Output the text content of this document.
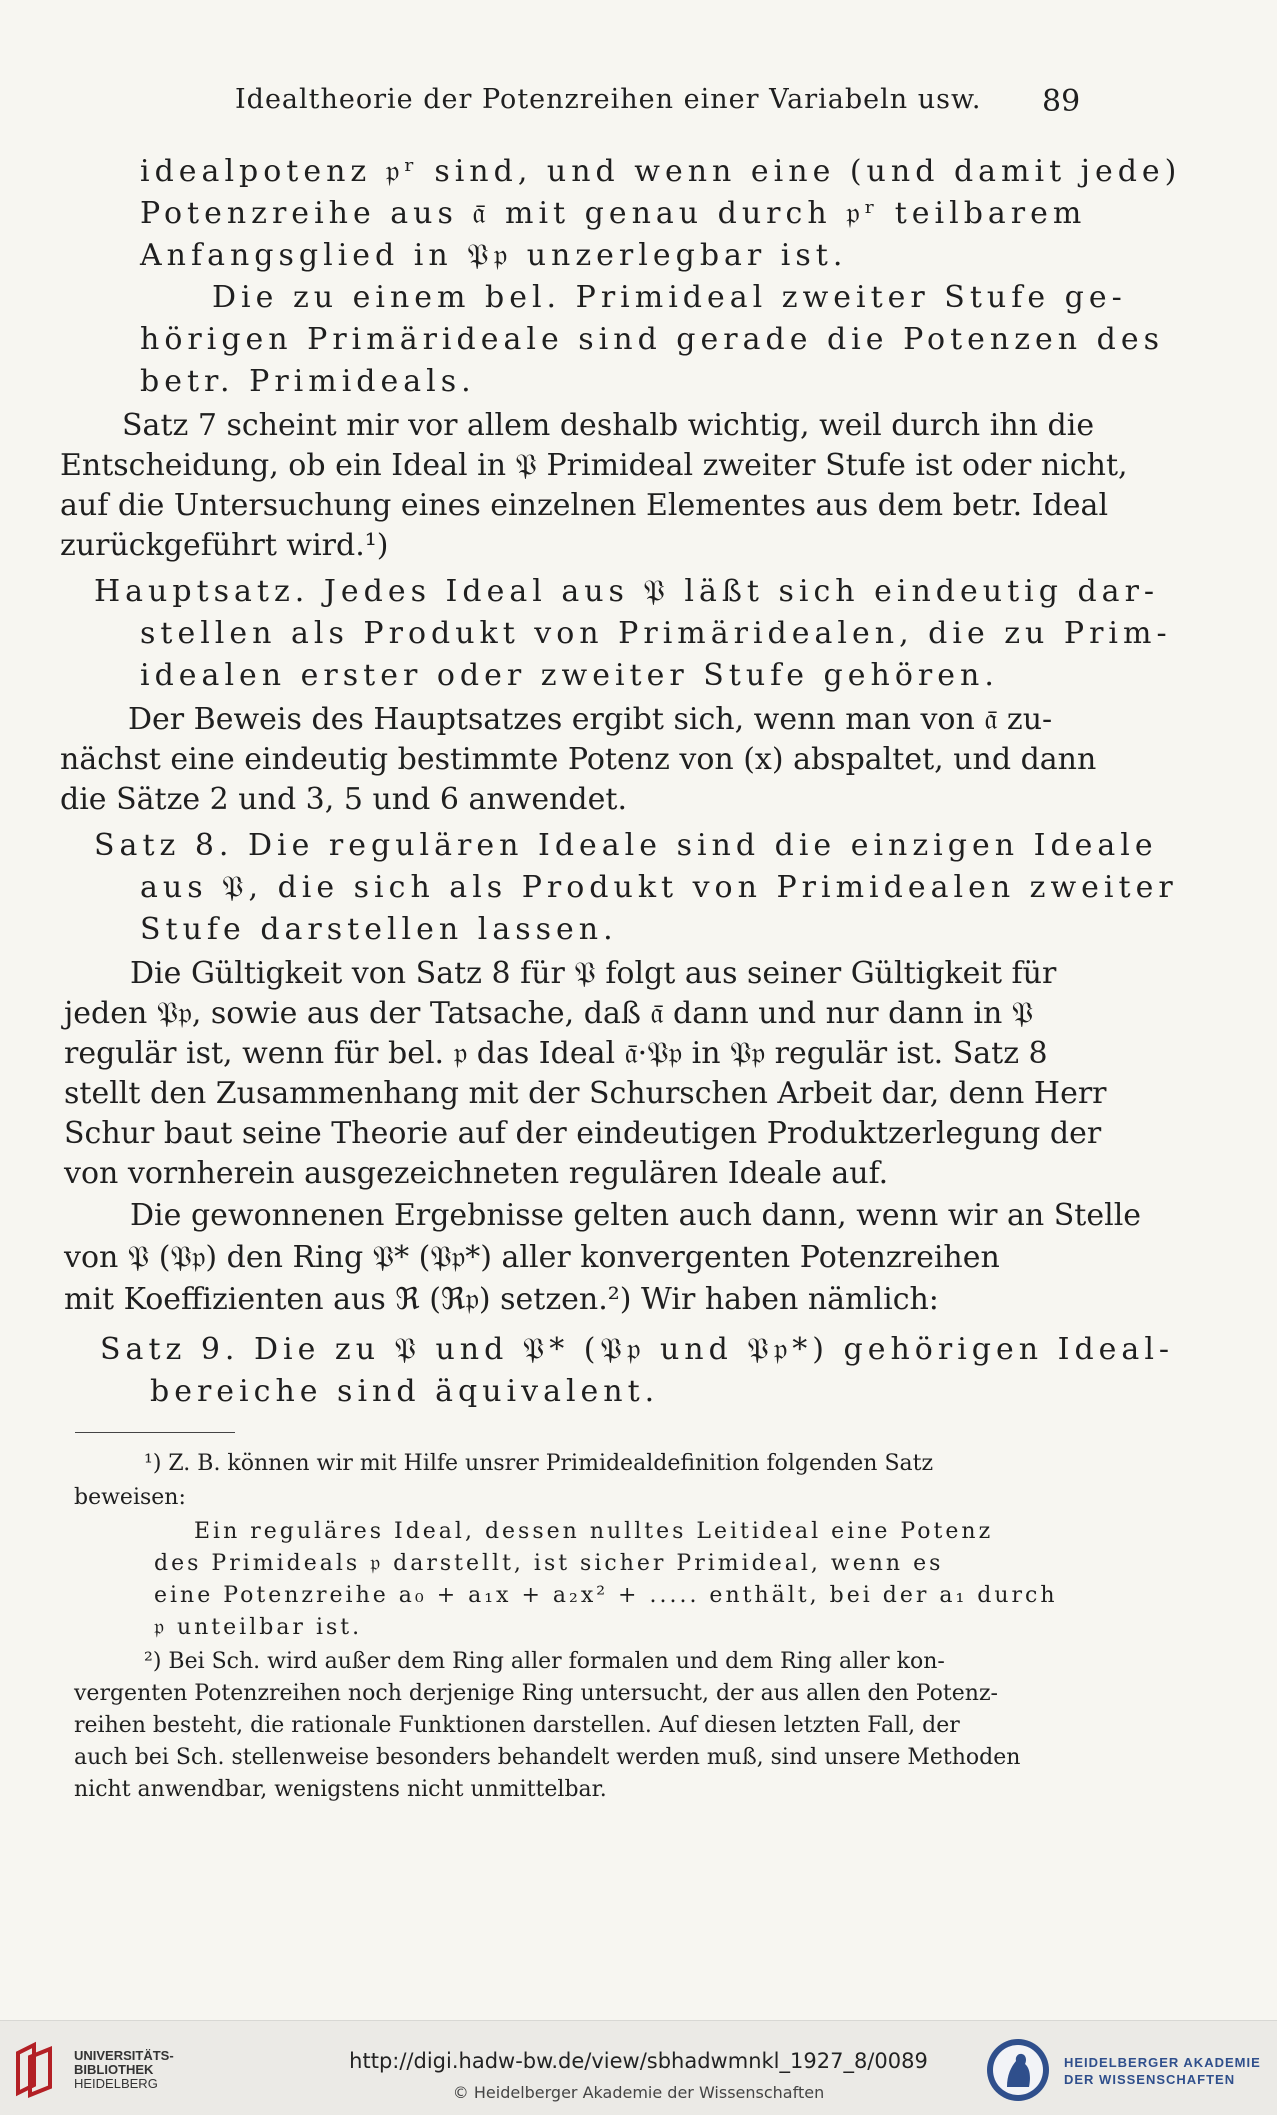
Idealtheorie der Potenzreihen einer Variabeln usw. 89
idealpotenz 𝔭ʳ sind, und wenn eine (und damit jede)
Potenzreihe aus 𝔞̄ mit genau durch 𝔭ʳ teilbarem
Anfangsglied in 𝔓𝔭 unzerlegbar ist.
Die zu einem bel. Primideal zweiter Stufe ge-
hörigen Primärideale sind gerade die Potenzen des
betr. Primideals.
Satz 7 scheint mir vor allem deshalb wichtig, weil durch ihn die
Entscheidung, ob ein Ideal in 𝔓 Primideal zweiter Stufe ist oder nicht,
auf die Untersuchung eines einzelnen Elementes aus dem betr. Ideal
zurückgeführt wird.¹)
Hauptsatz. Jedes Ideal aus 𝔓 läßt sich eindeutig dar-
stellen als Produkt von Primäridealen, die zu Prim-
idealen erster oder zweiter Stufe gehören.
Der Beweis des Hauptsatzes ergibt sich, wenn man von 𝔞̄ zu-
nächst eine eindeutig bestimmte Potenz von (x) abspaltet, und dann
die Sätze 2 und 3, 5 und 6 anwendet.
Satz 8. Die regulären Ideale sind die einzigen Ideale
aus 𝔓, die sich als Produkt von Primidealen zweiter
Stufe darstellen lassen.
Die Gültigkeit von Satz 8 für 𝔓 folgt aus seiner Gültigkeit für
jeden 𝔓𝔭, sowie aus der Tatsache, daß 𝔞̄ dann und nur dann in 𝔓
regulär ist, wenn für bel. 𝔭 das Ideal 𝔞̄·𝔓𝔭 in 𝔓𝔭 regulär ist. Satz 8
stellt den Zusammenhang mit der Schurschen Arbeit dar, denn Herr
Schur baut seine Theorie auf der eindeutigen Produktzerlegung der
von vornherein ausgezeichneten regulären Ideale auf.
Die gewonnenen Ergebnisse gelten auch dann, wenn wir an Stelle
von 𝔓 (𝔓𝔭) den Ring 𝔓* (𝔓𝔭*) aller konvergenten Potenzreihen
mit Koeffizienten aus ℜ (ℜ𝔭) setzen.²) Wir haben nämlich:
Satz 9. Die zu 𝔓 und 𝔓* (𝔓𝔭 und 𝔓𝔭*) gehörigen Ideal-
bereiche sind äquivalent.
¹) Z. B. können wir mit Hilfe unsrer Primidealdefinition folgenden Satz
beweisen:
Ein reguläres Ideal, dessen nulltes Leitideal eine Potenz
des Primideals 𝔭 darstellt, ist sicher Primideal, wenn es
eine Potenzreihe a₀ + a₁x + a₂x² + ..... enthält, bei der a₁ durch
𝔭 unteilbar ist.
²) Bei Sch. wird außer dem Ring aller formalen und dem Ring aller kon-
vergenten Potenzreihen noch derjenige Ring untersucht, der aus allen den Potenz-
reihen besteht, die rationale Funktionen darstellen. Auf diesen letzten Fall, der
auch bei Sch. stellenweise besonders behandelt werden muß, sind unsere Methoden
nicht anwendbar, wenigstens nicht unmittelbar.
UNIVERSITÄTS-
BIBLIOTHEK
HEIDELBERG
http://digi.hadw-bw.de/view/sbhadwmnkl_1927_8/0089
© Heidelberger Akademie der Wissenschaften
HEIDELBERGER AKADEMIE
DER WISSENSCHAFTEN
